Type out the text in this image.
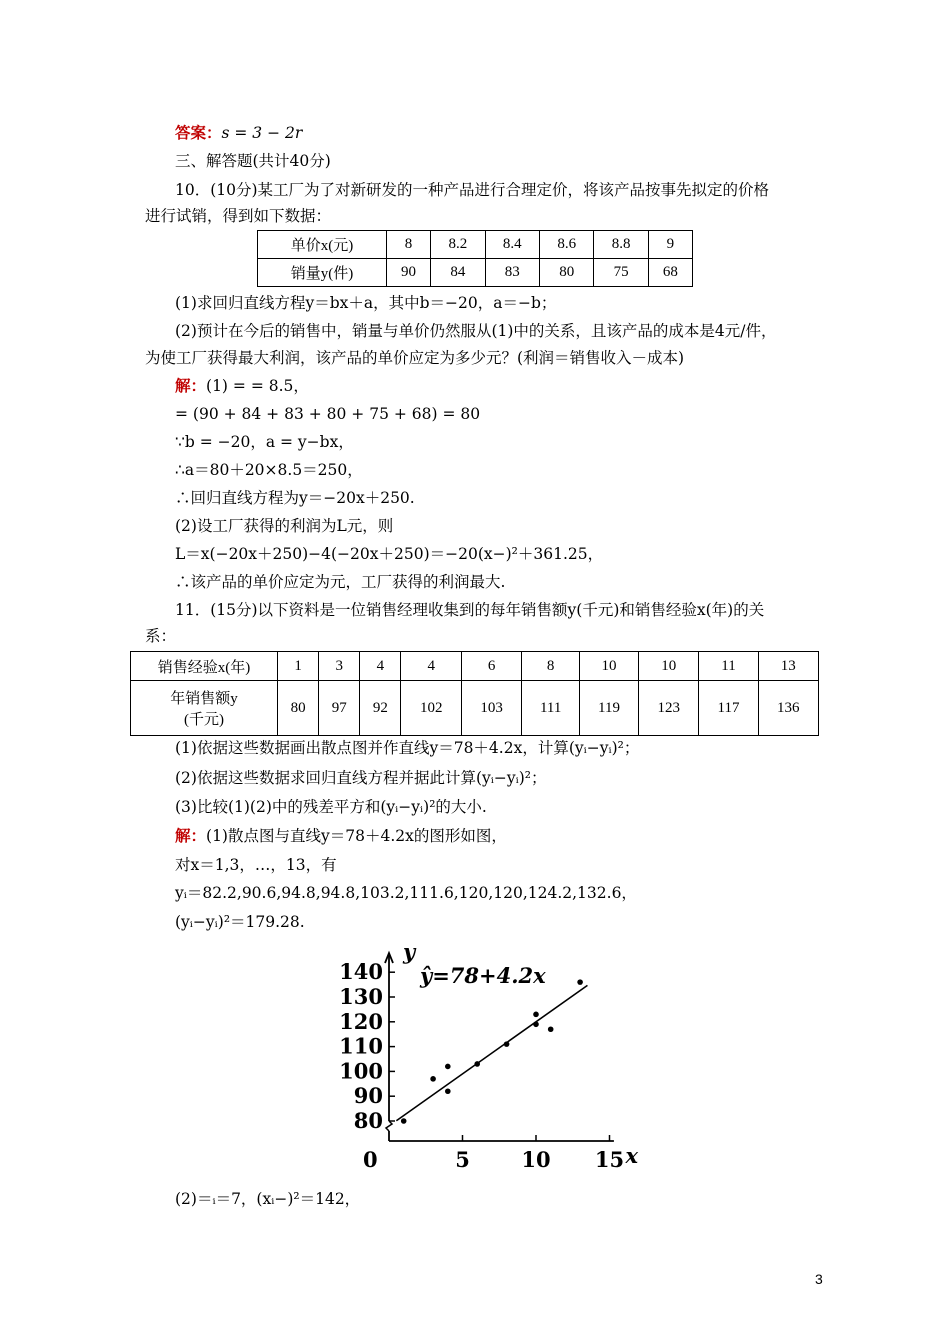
答案：s = 3 − 2r
三、解答题(共计40分)
10．(10分)某工厂为了对新研发的一种产品进行合理定价，将该产品按事先拟定的价格
进行试销，得到如下数据：
单价x(元)	8	8.2	8.4	8.6	8.8	9
销量y(件)	90	84	83	80	75	68
(1)求回归直线方程y＝bx＋a，其中b＝−20，a＝−b；
(2)预计在今后的销售中，销量与单价仍然服从(1)中的关系，且该产品的成本是4元/件，
为使工厂获得最大利润，该产品的单价应定为多少元？(利润＝销售收入－成本)
解：(1) = = 8.5，
= (90 + 84 + 83 + 80 + 75 + 68) = 80
∵b = −20，a = y−bx，
∴a＝80＋20×8.5＝250，
∴回归直线方程为y＝−20x＋250.
(2)设工厂获得的利润为L元，则
L＝x(−20x＋250)−4(−20x＋250)＝−20(x−)²＋361.25，
∴该产品的单价应定为元，工厂获得的利润最大.
11．(15分)以下资料是一位销售经理收集到的每年销售额y(千元)和销售经验x(年)的关
系：
销售经验x(年)	1	3	4	4	6	8	10	10	11	13

年销售额y
(千元)	80	97	92	102	103	111	119	123	117	136
(1)依据这些数据画出散点图并作直线y＝78＋4.2x，计算(yᵢ−yᵢ)²；
(2)依据这些数据求回归直线方程并据此计算(yᵢ−yᵢ)²；
(3)比较(1)(2)中的残差平方和(yᵢ−yᵢ)²的大小.
解：(1)散点图与直线y＝78＋4.2x的图形如图，
对x＝1,3，…，13，有
yᵢ＝82.2,90.6,94.8,94.8,103.2,111.6,120,120,124.2,132.6，
(yᵢ−yᵢ)²＝179.28.
y
x
80
90
100
110
120
130
140
0	5 10 15
ŷ=78+4.2x
(2)＝ᵢ＝7，(xᵢ−)²＝142，
3
